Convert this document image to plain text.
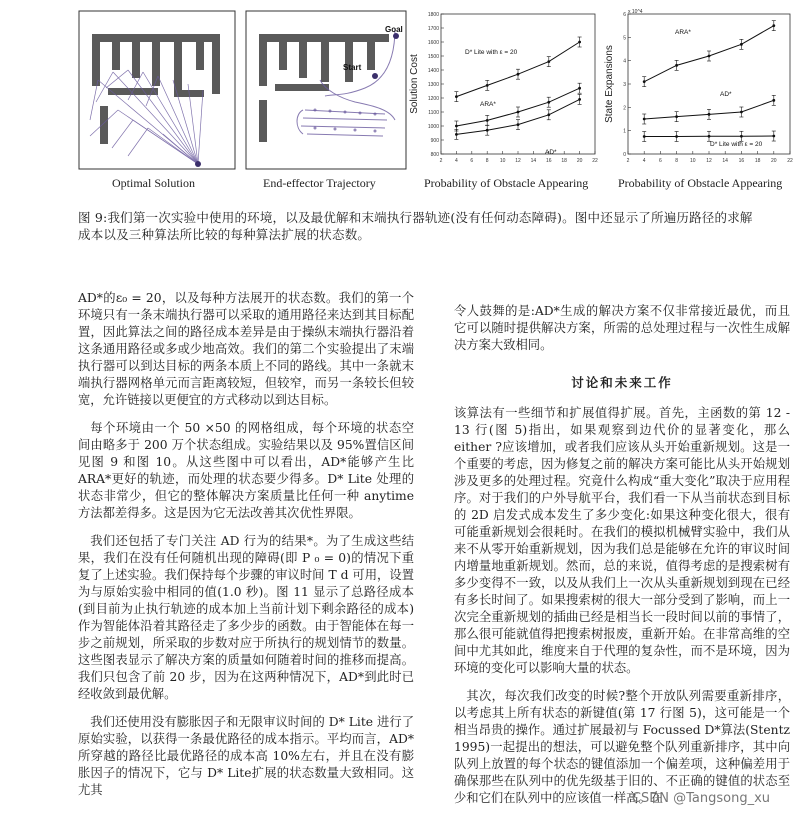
Goal
Start
2	4	6	8 10 12 14 16 18 20 22
800
900
1000
1100
1200
1300
1400
1500
1600
1700
1800
Solution Cost
D* Lite with ε = 20
ARA*
AD*
2	4	6	8 10 12 14 16 18 20 22
0
1
2
3
4
5
6
State Expansions
x 10^4
ARA*
AD*
D* Lite with ε = 20
Optimal Solution	End-effector Trajectory	Probability of Obstacle Appearing Probability of Obstacle Appearing
图 9:我们第一次实验中使用的环境，以及最优解和末端执行器轨迹(没有任何动态障碍)。图中还显示了所遍历路径的求解成本以及三种算法所比较的每种算法扩展的状态数。

AD*的ɛ₀ = 20，以及每种方法展开的状态数。我们的第一个环境只有一条末端执行器可以采取的通用路径来达到其目标配置，因此算法之间的路径成本差异是由于操纵末端执行器沿着这条通用路径或多或少地高效。我们的第二个实验提出了末端执行器可以到达目标的两条本质上不同的路线。其中一条就末端执行器网格单元而言距离较短，但较窄，而另一条较长但较宽，允许链接以更便宜的方式移动以到达目标。

每个环境由一个 50 ×50 的网格组成，每个环境的状态空间由略多于 200 万个状态组成。实验结果以及 95%置信区间见图 9 和图 10。从这些图中可以看出，AD*能够产生比 ARA*更好的轨迹，而处理的状态要少得多。D* Lite 处理的状态非常少，但它的整体解决方案质量比任何一种 anytime 方法都差得多。这是因为它无法改善其次优性界限。

我们还包括了专门关注 AD 行为的结果*。为了生成这些结果，我们在没有任何随机出现的障碍(即 P ₀ = 0)的情况下重复了上述实验。我们保持每个步骤的审议时间 T d 可用，设置为与原始实验中相同的值(1.0 秒)。图 11 显示了总路径成本(到目前为止执行轨迹的成本加上当前计划下剩余路径的成本)作为智能体沿着其路径走了多少步的函数。由于智能体在每一步之前规划，所采取的步数对应于所执行的规划情节的数量。这些图表显示了解决方案的质量如何随着时间的推移而提高。我们只包含了前 20 步，因为在这两种情况下，AD*到此时已经收敛到最优解。

我们还使用没有膨胀因子和无限审议时间的 D* Lite 进行了原始实验，以获得一条最优路径的成本指示。平均而言，AD*所穿越的路径比最优路径的成本高 10%左右，并且在没有膨胀因子的情况下，它与 D* Lite扩展的状态数量大致相同。这尤其

令人鼓舞的是:AD*生成的解决方案不仅非常接近最优，而且它可以随时提供解决方案，所需的总处理过程与一次性生成解决方案大致相同。

讨论和未来工作

该算法有一些细节和扩展值得扩展。首先，主函数的第 12 - 13 行(图 5)指出，如果观察到边代价的显著变化，那么either ?应该增加，或者我们应该从头开始重新规划。这是一个重要的考虑，因为修复之前的解决方案可能比从头开始规划涉及更多的处理过程。究竟什么构成“重大变化”取决于应用程序。对于我们的户外导航平台，我们看一下从当前状态到目标的 2D 启发式成本发生了多少变化:如果这种变化很大，很有可能重新规划会很耗时。在我们的模拟机械臂实验中，我们从来不从零开始重新规划，因为我们总是能够在允许的审议时间内增量地重新规划。然而，总的来说，值得考虑的是搜索树有多少变得不一致，以及从我们上一次从头重新规划到现在已经有多长时间了。如果搜索树的很大一部分受到了影响，而上一次完全重新规划的插曲已经是相当长一段时间以前的事情了，那么很可能就值得把搜索树报废，重新开始。在非常高维的空间中尤其如此，维度来自于代理的复杂性，而不是环境，因为环境的变化可以影响大量的状态。

其次，每次我们改变的时候?整个开放队列需要重新排序，以考虑其上所有状态的新键值(第 17 行图 5)，这可能是一个相当昂贵的操作。通过扩展最初与 Focussed D*算法(Stentz 1995)一起提出的想法，可以避免整个队列重新排序，其中向队列上放置的每个状态的键值添加一个偏差项，这种偏差用于确保那些在队列中的优先级基于旧的、不正确的键值的状态至少和它们在队列中的应该值一样高。在

CSDN @Tangsong_xu
